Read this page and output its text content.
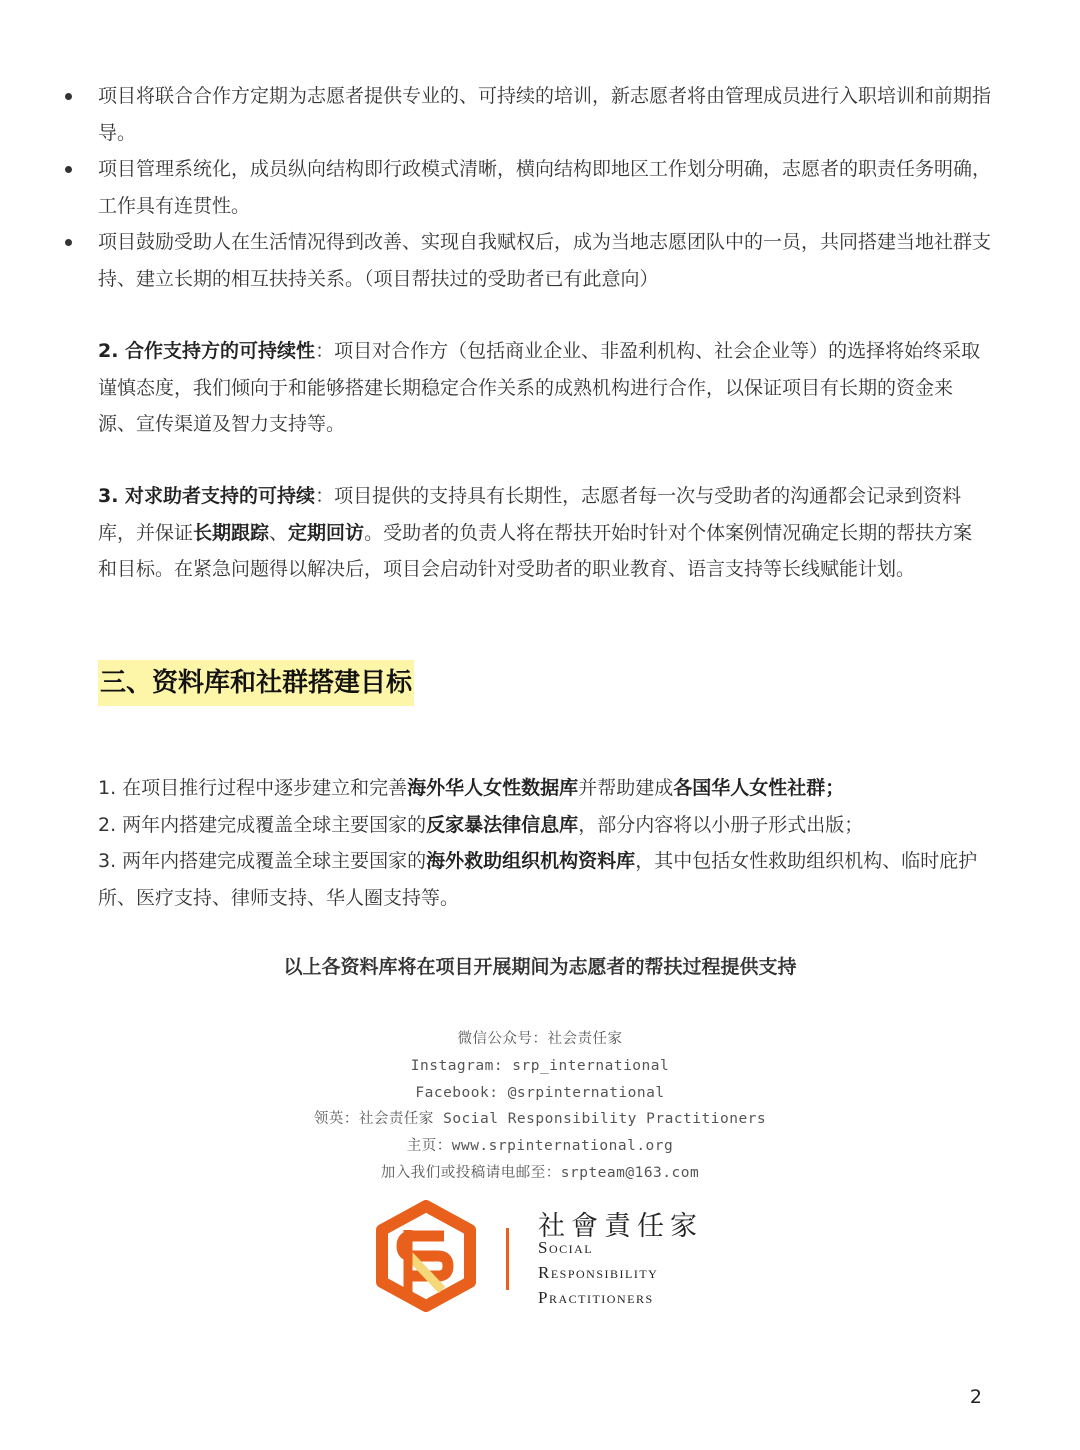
项目将联合合作方定期为志愿者提供专业的、可持续的培训，新志愿者将由管理成员进行入职培训和前期指导。
项目管理系统化，成员纵向结构即行政模式清晰，横向结构即地区工作划分明确，志愿者的职责任务明确，工作具有连贯性。
项目鼓励受助人在生活情况得到改善、实现自我赋权后，成为当地志愿团队中的一员，共同搭建当地社群支持、建立长期的相互扶持关系。（项目帮扶过的受助者已有此意向）

2. 合作支持方的可持续性：项目对合作方（包括商业企业、非盈利机构、社会企业等）的选择将始终采取谨慎态度，我们倾向于和能够搭建长期稳定合作关系的成熟机构进行合作，以保证项目有长期的资金来源、宣传渠道及智力支持等。

3. 对求助者支持的可持续：项目提供的支持具有长期性，志愿者每一次与受助者的沟通都会记录到资料库，并保证长期跟踪、定期回访。受助者的负责人将在帮扶开始时针对个体案例情况确定长期的帮扶方案和目标。在紧急问题得以解决后，项目会启动针对受助者的职业教育、语言支持等长线赋能计划。

三、资料库和社群搭建目标
1. 在项目推行过程中逐步建立和完善海外华人女性数据库并帮助建成各国华人女性社群；
2. 两年内搭建完成覆盖全球主要国家的反家暴法律信息库，部分内容将以小册子形式出版；
3. 两年内搭建完成覆盖全球主要国家的海外救助组织机构资料库，其中包括女性救助组织机构、临时庇护所、医疗支持、律师支持、华人圈支持等。
以上各资料库将在项目开展期间为志愿者的帮扶过程提供支持
微信公众号：社会责任家
Instagram: srp_international
Facebook: @srpinternational
领英：社会责任家 Social Responsibility Practitioners
主页：www.srpinternational.org
加入我们或投稿请电邮至：srpteam@163.com
社會責任家
Social
Responsibility
Practitioners
2
